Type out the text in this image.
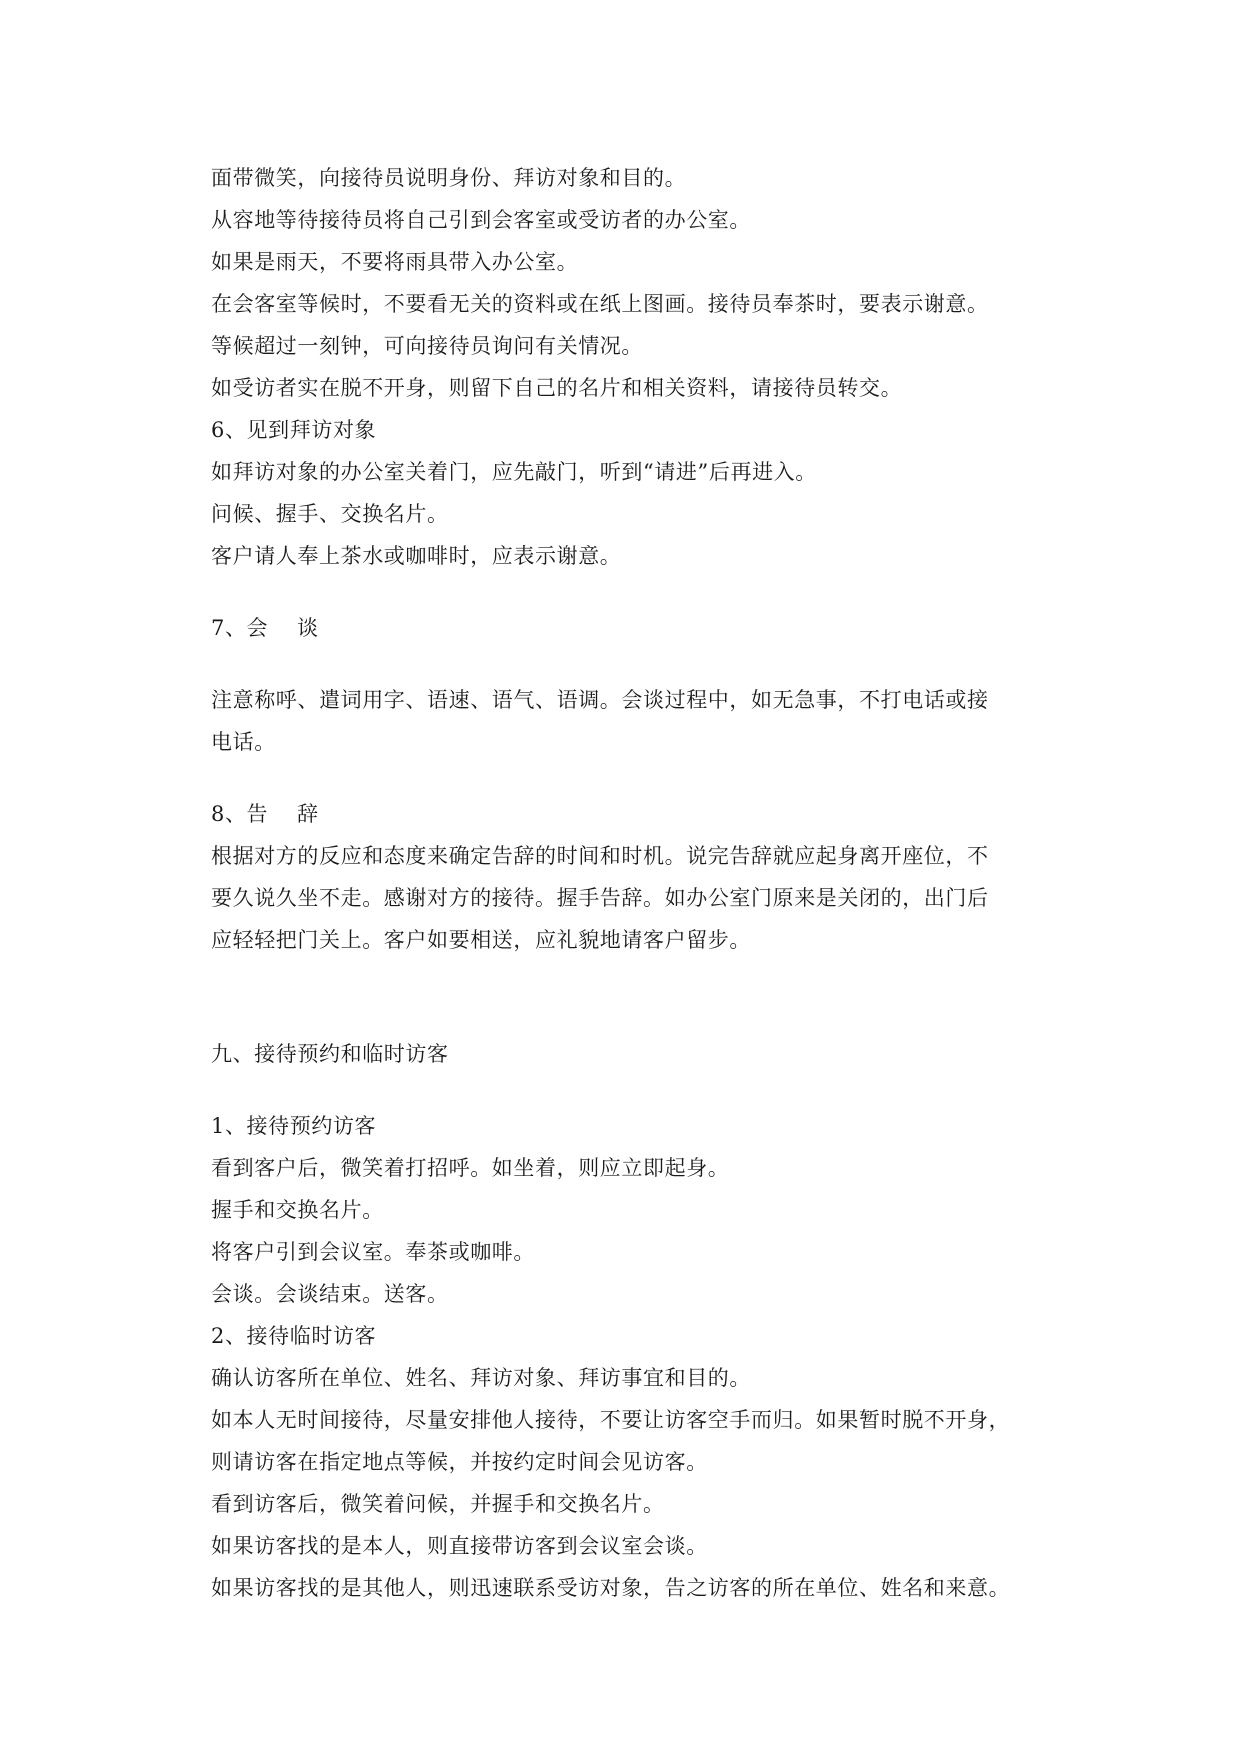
面带微笑，向接待员说明身份、拜访对象和目的。

从容地等待接待员将自己引到会客室或受访者的办公室。

如果是雨天，不要将雨具带入办公室。

在会客室等候时，不要看无关的资料或在纸上图画。接待员奉茶时，要表示谢意。

等候超过一刻钟，可向接待员询问有关情况。

如受访者实在脱不开身，则留下自己的名片和相关资料，请接待员转交。

6、见到拜访对象

如拜访对象的办公室关着门，应先敲门，听到“请进”后再进入。

问候、握手、交换名片。

客户请人奉上茶水或咖啡时，应表示谢意。

7、会　 谈

注意称呼、遣词用字、语速、语气、语调。会谈过程中，如无急事，不打电话或接

电话。

8、告　 辞

根据对方的反应和态度来确定告辞的时间和时机。说完告辞就应起身离开座位，不

要久说久坐不走。感谢对方的接待。握手告辞。如办公室门原来是关闭的，出门后

应轻轻把门关上。客户如要相送，应礼貌地请客户留步。

九、接待预约和临时访客

1、接待预约访客

看到客户后，微笑着打招呼。如坐着，则应立即起身。

握手和交换名片。

将客户引到会议室。奉茶或咖啡。

会谈。会谈结束。送客。

2、接待临时访客

确认访客所在单位、姓名、拜访对象、拜访事宜和目的。

如本人无时间接待，尽量安排他人接待，不要让访客空手而归。如果暂时脱不开身，

则请访客在指定地点等候，并按约定时间会见访客。

看到访客后，微笑着问候，并握手和交换名片。

如果访客找的是本人，则直接带访客到会议室会谈。

如果访客找的是其他人，则迅速联系受访对象，告之访客的所在单位、姓名和来意。
